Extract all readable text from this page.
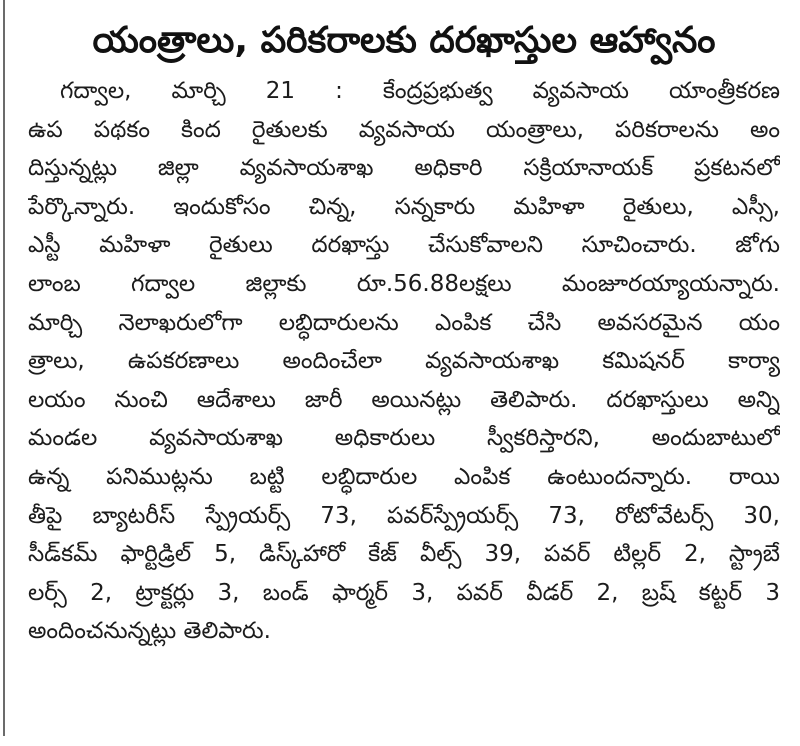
యంత్రాలు, పరికరాలకు దరఖాస్తుల ఆహ్వానం
గద్వాల, మార్చి 21 : కేంద్రప్రభుత్వ వ్యవసాయ యాంత్రీకరణ
ఉప పథకం కింద రైతులకు వ్యవసాయ యంత్రాలు, పరికరాలను అం
దిస్తున్నట్లు జిల్లా వ్యవసాయశాఖ అధికారి సక్రియానాయక్ ప్రకటనలో
పేర్కొన్నారు. ఇందుకోసం చిన్న, సన్నకారు మహిళా రైతులు, ఎస్సీ,
ఎస్టీ మహిళా రైతులు దరఖాస్తు చేసుకోవాలని సూచించారు. జోగు
లాంబ గద్వాల జిల్లాకు రూ.56.88లక్షలు మంజూరయ్యాయన్నారు.
మార్చి నెలాఖరులోగా లబ్ధిదారులను ఎంపిక చేసి అవసరమైన యం
త్రాలు, ఉపకరణాలు అందించేలా వ్యవసాయశాఖ కమిషనర్ కార్యా
లయం నుంచి ఆదేశాలు జారీ అయినట్లు తెలిపారు. దరఖాస్తులు అన్ని
మండల వ్యవసాయశాఖ అధికారులు స్వీకరిస్తారని, అందుబాటులో
ఉన్న పనిముట్లను బట్టి లబ్ధిదారుల ఎంపిక ఉంటుందన్నారు. రాయి
తీపై బ్యాటరీస్ స్ప్రేయర్స్ 73, పవర్‌స్ప్రేయర్స్ 73, రోటోవేటర్స్ 30,
సీడ్‌కమ్ ఫార్టిడ్రిల్ 5, డిస్క్‌హారో కేజ్ వీల్స్ 39, పవర్ టిల్లర్ 2, స్ట్రాబే
లర్స్ 2, ట్రాక్టర్లు 3, బండ్ ఫార్మర్ 3, పవర్ వీడర్ 2, బ్రష్ కట్టర్ 3
అందించనున్నట్లు తెలిపారు.
